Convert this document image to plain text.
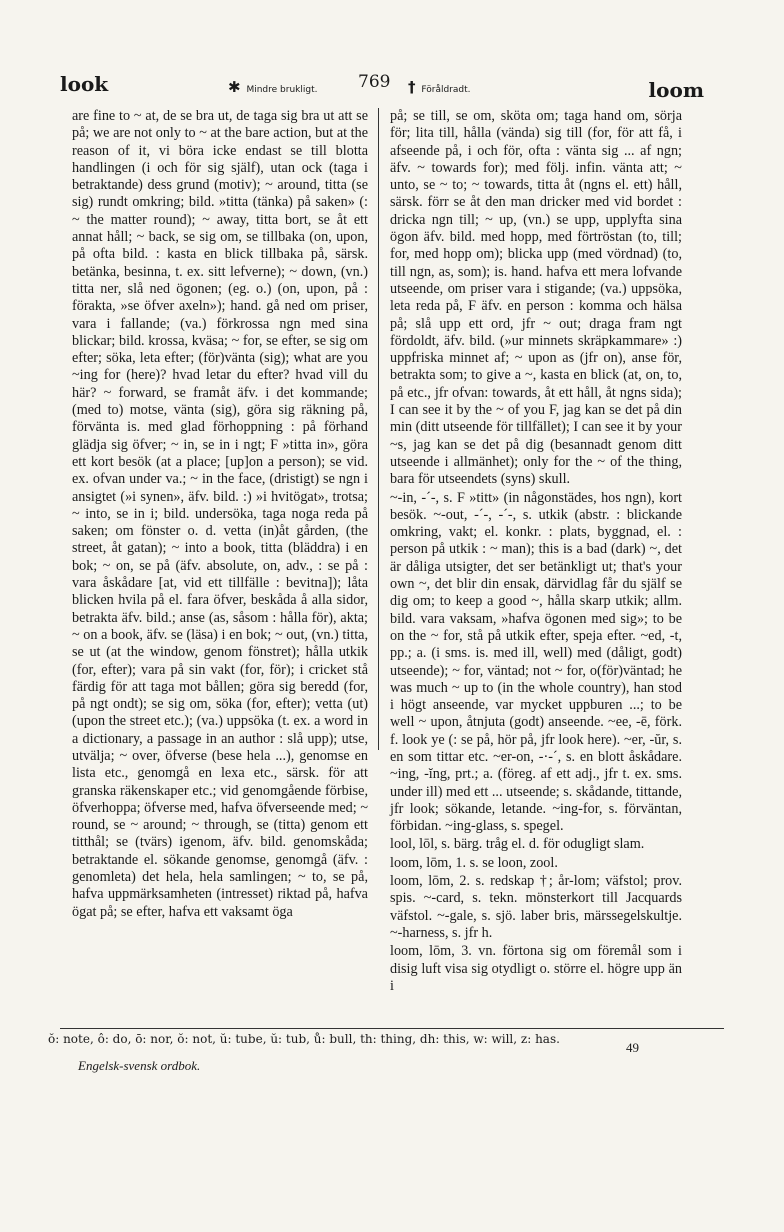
look	✱ Mindre brukligt. 769 † Föråldradt.	loom

are fine to ~ at, de se bra ut, de taga sig bra ut att se på; we are not only to ~ at the bare action, but at the reason of it, vi böra icke endast se till blotta handlingen (i och för sig själf), utan ock (taga i betraktande) dess grund (motiv); ~ around, titta (se sig) rundt omkring; bild. »titta (tänka) på saken» (: ~ the matter round); ~ away, titta bort, se åt ett annat håll; ~ back, se sig om, se tillbaka (on, upon, på ofta bild. : kasta en blick tillbaka på, särsk. betänka, besinna, t. ex. sitt lefverne); ~ down, (vn.) titta ner, slå ned ögonen; (eg. o.) (on, upon, på : förakta, »se öfver axeln»); hand. gå ned om priser, vara i fallande; (va.) förkrossa ngn med sina blickar; bild. krossa, kväsa; ~ for, se efter, se sig om efter; söka, leta efter; (för)vänta (sig); what are you ~ing for (here)? hvad letar du efter? hvad vill du här? ~ forward, se framåt äfv. i det kommande; (med to) motse, vänta (sig), göra sig räkning på, förvänta is. med glad förhoppning : på förhand glädja sig öfver; ~ in, se in i ngt; F »titta in», göra ett kort besök (at a place; [up]on a person); se vid. ex. ofvan under va.; ~ in the face, (dristigt) se ngn i ansigtet (»i synen», äfv. bild. :) »i hvitögat», trotsa; ~ into, se in i; bild. undersöka, taga noga reda på saken; om fönster o. d. vetta (in)åt gården, (the street, åt gatan); ~ into a book, titta (bläddra) i en bok; ~ on, se på (äfv. absolute, on, adv., : se på : vara åskådare [at, vid ett tillfälle : bevitna]); låta blicken hvila på el. fara öfver, beskåda å alla sidor, betrakta äfv. bild.; anse (as, såsom : hålla för), akta; ~ on a book, äfv. se (läsa) i en bok; ~ out, (vn.) titta, se ut (at the window, genom fönstret); hålla utkik (for, efter); vara på sin vakt (for, för); i cricket stå färdig för att taga mot bållen; göra sig beredd (for, på ngt ondt); se sig om, söka (for, efter); vetta (ut) (upon the street etc.); (va.) uppsöka (t. ex. a word in a dictionary, a passage in an author : slå upp); utse, utvälja; ~ over, öfverse (bese hela ...), genomse en lista etc., genomgå en lexa etc., särsk. för att granska räkenskaper etc.; vid genomgående förbise, öfverhoppa; öfverse med, hafva öfverseende med; ~ round, se ~ around; ~ through, se (titta) genom ett titthål; se (tvärs) igenom, äfv. bild. genomskåda; betraktande el. sökande genomse, genomgå (äfv. : genomleta) det hela, hela samlingen; ~ to, se på, hafva uppmärksamheten (intresset) riktad på, hafva ögat på; se efter, hafva ett vaksamt öga

på; se till, se om, sköta om; taga hand om, sörja för; lita till, hålla (vända) sig till (for, för att få, i afseende på, i och för, ofta : vänta sig ... af ngn; äfv. ~ towards for); med följ. infin. vänta att; ~ unto, se ~ to; ~ towards, titta åt (ngns el. ett) håll, särsk. förr se åt den man dricker med vid bordet : dricka ngn till; ~ up, (vn.) se upp, upplyfta sina ögon äfv. bild. med hopp, med förtröstan (to, till; for, med hopp om); blicka upp (med vördnad) (to, till ngn, as, som); is. hand. hafva ett mera lofvande utseende, om priser vara i stigande; (va.) uppsöka, leta reda på, F äfv. en person : komma och hälsa på; slå upp ett ord, jfr ~ out; draga fram ngt fördoldt, äfv. bild. (»ur minnets skräpkammare» :) uppfriska minnet af; ~ upon as (jfr on), anse för, betrakta som; to give a ~, kasta en blick (at, on, to, på etc., jfr ofvan: towards, åt ett håll, åt ngns sida); I can see it by the ~ of you F, jag kan se det på din min (ditt utseende för tillfället); I can see it by your ~s, jag kan se det på dig (besannadt genom ditt utseende i allmänhet); only for the ~ of the thing, bara för utseendets (syns) skull.

~-in, -´-, s. F »titt» (in någonstädes, hos ngn), kort besök. ~-out, -´-, -´-, s. utkik (abstr. : blickande omkring, vakt; el. konkr. : plats, byggnad, el. : person på utkik : ~ man); this is a bad (dark) ~, det är dåliga utsigter, det ser betänkligt ut; that's your own ~, det blir din ensak, därvidlag får du själf se dig om; to keep a good ~, hålla skarp utkik; allm. bild. vara vaksam, »hafva ögonen med sig»; to be on the ~ for, stå på utkik efter, speja efter. ~ed, -t, pp.; a. (i sms. is. med ill, well) med (dåligt, godt) utseende); ~ for, väntad; not ~ for, o(för)väntad; he was much ~ up to (in the whole country), han stod i högt anseende, var mycket uppburen ...; to be well ~ upon, åtnjuta (godt) anseende. ~ee, -ē, förk. f. look ye (: se på, hör på, jfr look here). ~er, -ŭr, s. en som tittar etc. ~er-on, -·-´, s. en blott åskådare. ~ing, -ĭng, prt.; a. (föreg. af ett adj., jfr t. ex. sms. under ill) med ett ... utseende; s. skådande, tittande, jfr look; sökande, letande. ~ing-for, s. förväntan, förbidan. ~ing-glass, s. spegel.

lool, lōl, s. bärg. tråg el. d. för odugligt slam.

loom, lōm, 1. s. se loon, zool.

loom, lōm, 2. s. redskap †; år-lom; väfstol; prov. spis. ~-card, s. tekn. mönsterkort till Jacquards väfstol. ~-gale, s. sjö. laber bris, märssegelskultje. ~-harness, s. jfr h.

loom, lōm, 3. vn. förtona sig om föremål som i disig luft visa sig otydligt o. större el. högre upp än i

ŏ: note, ô: do, ō: nor, ŏ: not, ŭ: tube, ŭ: tub, ů: bull, th: thing, dh: this, w: will, z: has.
Engelsk-svensk ordbok.
49
